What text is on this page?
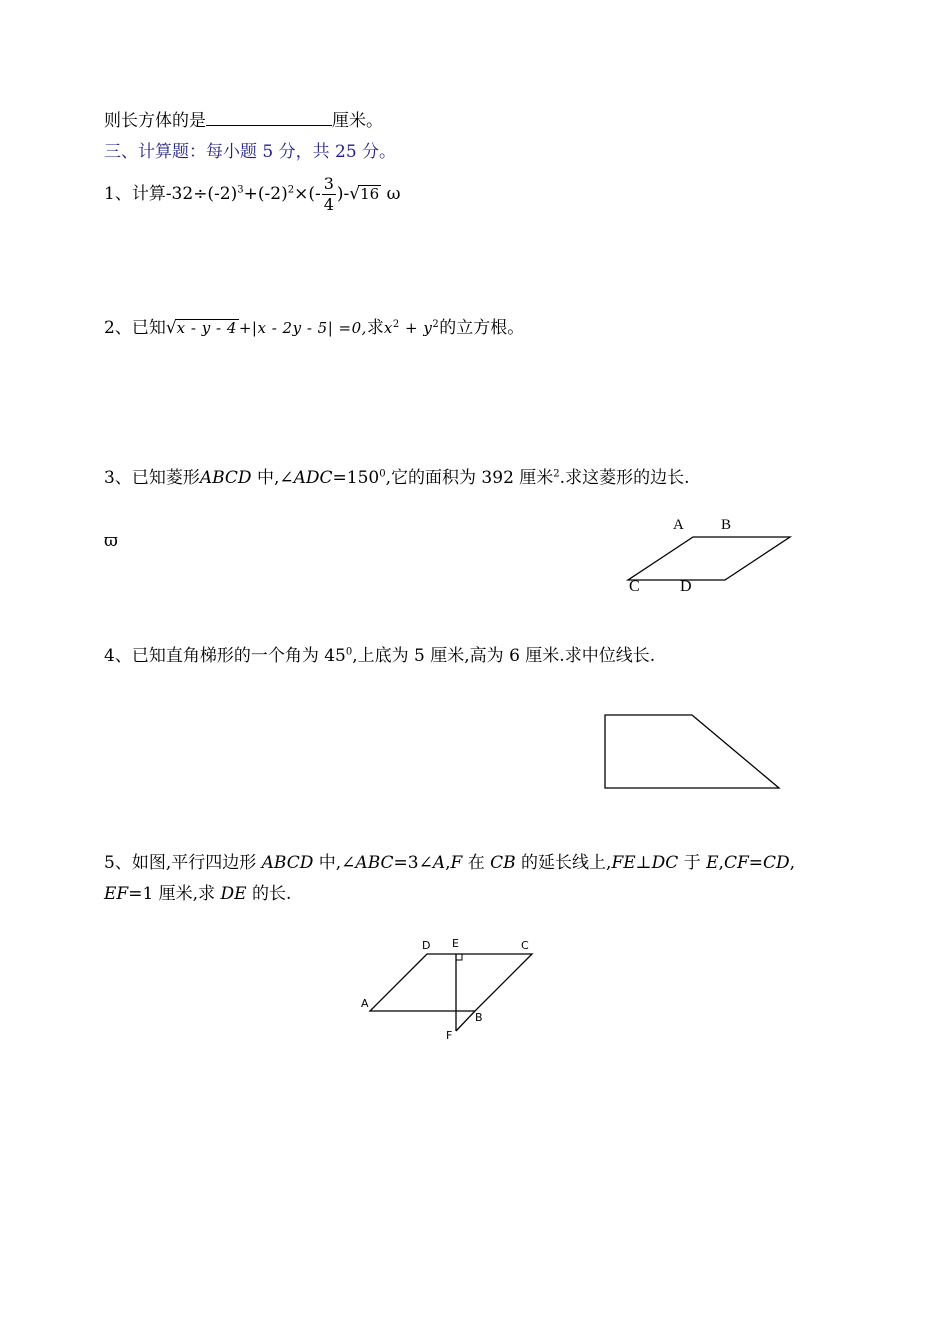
则长方体的是	厘米。
三、计算题：每小题 5 分，共 25 分。
1、计算$-32\div(-2)^3+(-2)^2\times(- \frac{3}{4} )-√16$ ω
2、已知√x - y - 4 +|x - 2y - 5| =0,求$x^2 + y^2$的立方根。
3、已知菱形ABCD 中$,\angle ADC=150^0$,它的面积为 392 厘米$^2$.求这菱形的边长.
ϖ
A B
C	D
4、已知直角梯形的一个角为 $45^0$,上底为 5 厘米,高为 6 厘米.求中位线长.
5、如图,平行四边形 ABCD 中,∠ABC=3∠A,F 在 CB 的延长线上,FE⊥DC 于 E,CF=CD,
EF=1 厘米,求 DE 的长.
D E	C
A
B
F
